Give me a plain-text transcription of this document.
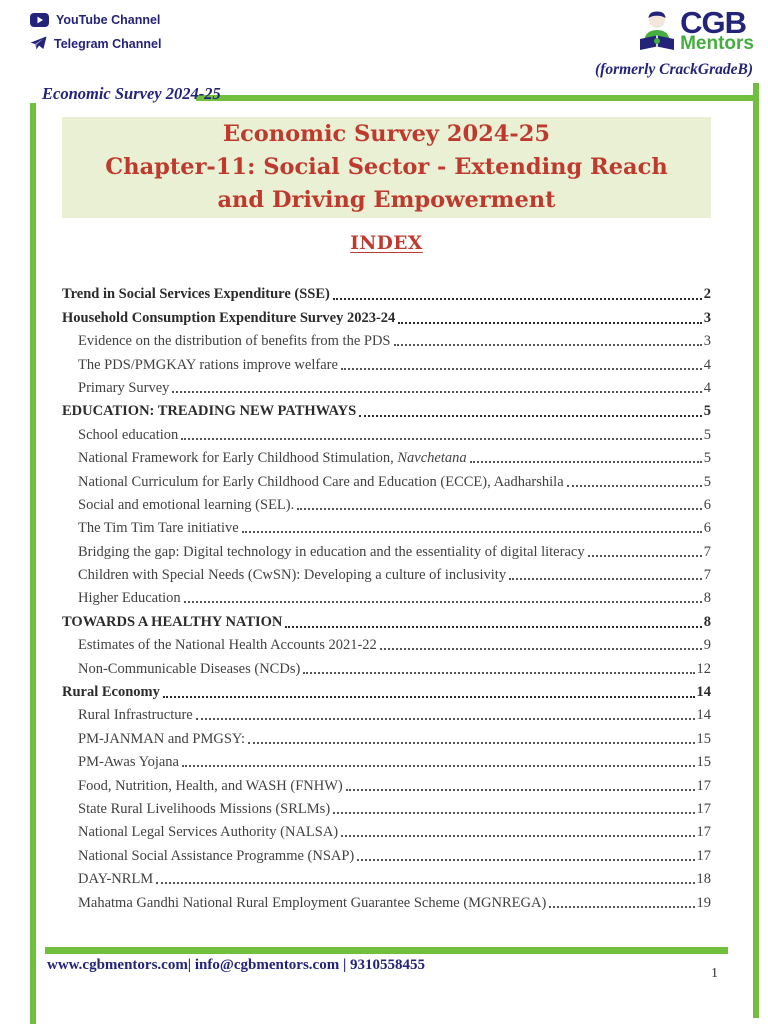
YouTube Channel
Telegram Channel
CGB
Mentors
(formerly CrackGradeB)
Economic Survey 2024-25
Economic Survey 2024-25
Chapter-11: Social Sector - Extending Reach
and Driving Empowerment
INDEX
Trend in Social Services Expenditure (SSE)	2
Household Consumption Expenditure Survey 2023-24	3
Evidence on the distribution of benefits from the PDS	3
The PDS/PMGKAY rations improve welfare	4
Primary Survey	4
EDUCATION: TREADING NEW PATHWAYS	5
School education	5
National Framework for Early Childhood Stimulation, Navchetana	5
National Curriculum for Early Childhood Care and Education (ECCE), Aadharshila	5
Social and emotional learning (SEL).	6
The Tim Tim Tare initiative	6
Bridging the gap: Digital technology in education and the essentiality of digital literacy	7
Children with Special Needs (CwSN): Developing a culture of inclusivity	7
Higher Education	8
TOWARDS A HEALTHY NATION	8
Estimates of the National Health Accounts 2021-22	9
Non-Communicable Diseases (NCDs)	12
Rural Economy	14
Rural Infrastructure	14
PM-JANMAN and PMGSY:	15
PM-Awas Yojana	15
Food, Nutrition, Health, and WASH (FNHW)	17
State Rural Livelihoods Missions (SRLMs)	17
National Legal Services Authority (NALSA)	17
National Social Assistance Programme (NSAP)	17
DAY-NRLM	18
Mahatma Gandhi National Rural Employment Guarantee Scheme (MGNREGA)	19
www.cgbmentors.com| info@cgbmentors.com | 9310558455
1
